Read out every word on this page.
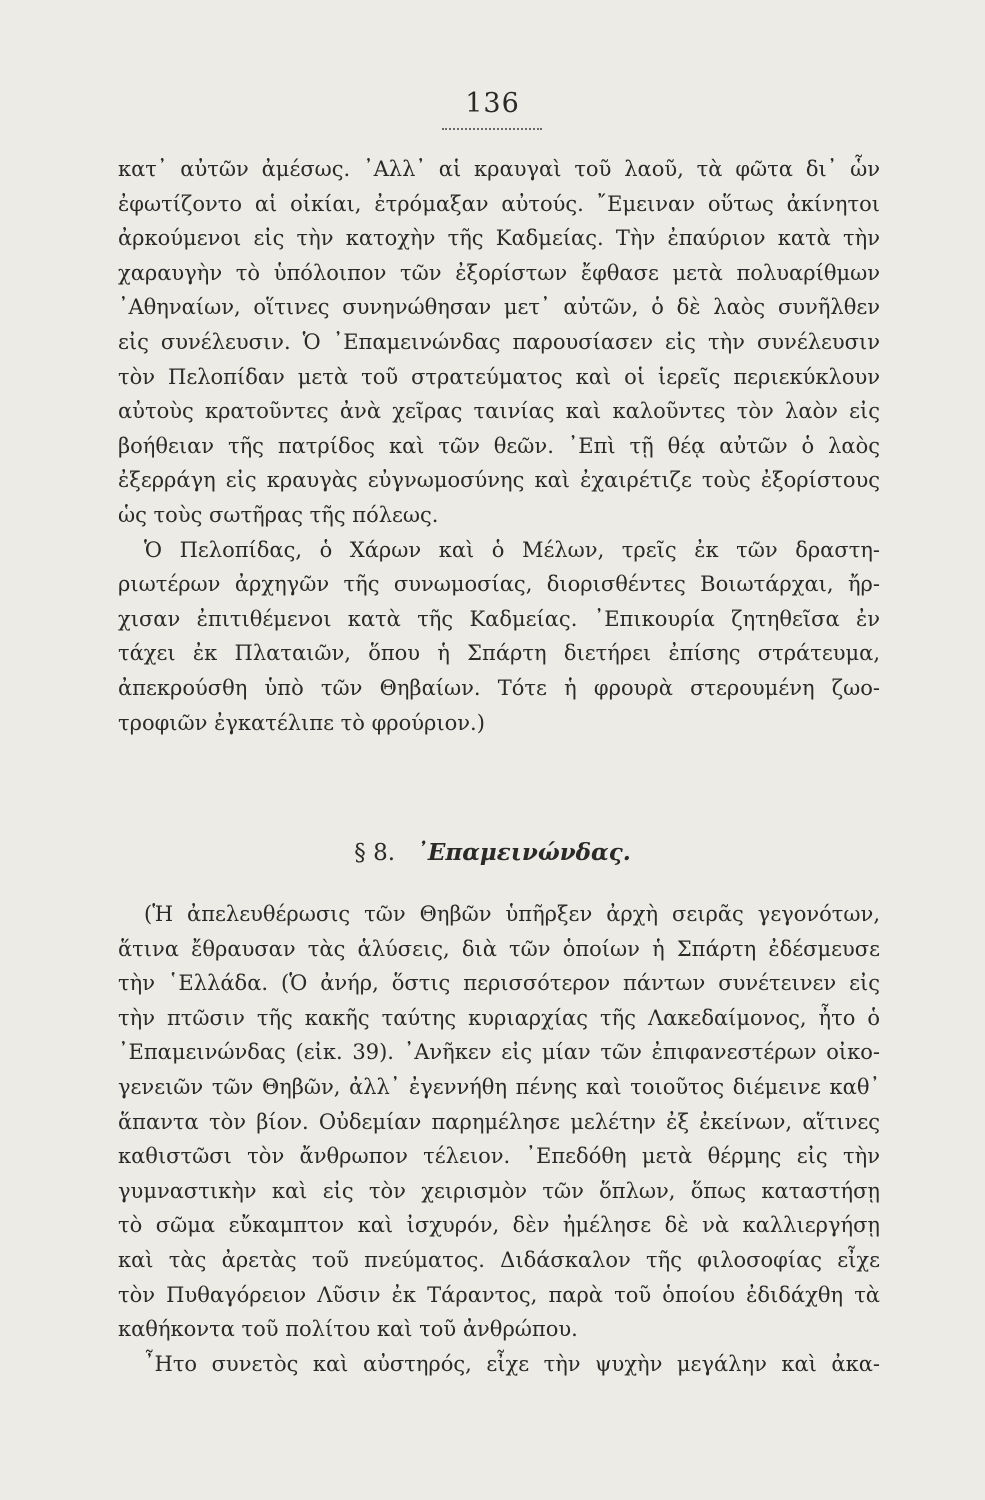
136
κατ᾽ αὐτῶν ἀμέσως. ᾽Αλλ᾽ αἱ κραυγαὶ τοῦ λαοῦ, τὰ φῶτα δι᾽ ὧν
ἐφωτίζοντο αἱ οἰκίαι, ἐτρόμαξαν αὐτούς. ῎Εμειναν οὕτως ἀκίνητοι
ἀρκούμενοι εἰς τὴν κατοχὴν τῆς Καδμείας. Τὴν ἐπαύριον κατὰ τὴν
χαραυγὴν τὸ ὑπόλοιπον τῶν ἐξορίστων ἔφθασε μετὰ πολυαρίθμων
᾽Αθηναίων, οἵτινες συνηνώθησαν μετ᾽ αὐτῶν, ὁ δὲ λαὸς συνῆλθεν
εἰς συνέλευσιν. Ὁ ᾽Επαμεινώνδας παρουσίασεν εἰς τὴν συνέλευσιν
τὸν Πελοπίδαν μετὰ τοῦ στρατεύματος καὶ οἱ ἱερεῖς περιεκύκλουν
αὐτοὺς κρατοῦντες ἀνὰ χεῖρας ταινίας καὶ καλοῦντες τὸν λαὸν εἰς
βοήθειαν τῆς πατρίδος καὶ τῶν θεῶν. ᾽Επὶ τῇ θέᾳ αὐτῶν ὁ λαὸς
ἐξερράγη εἰς κραυγὰς εὐγνωμοσύνης καὶ ἐχαιρέτιζε τοὺς ἐξορίστους
ὡς τοὺς σωτῆρας τῆς πόλεως.
Ὁ Πελοπίδας, ὁ Χάρων καὶ ὁ Μέλων, τρεῖς ἐκ τῶν δραστη-
ριωτέρων ἀρχηγῶν τῆς συνωμοσίας, διορισθέντες Βοιωτάρχαι, ἤρ-
χισαν ἐπιτιθέμενοι κατὰ τῆς Καδμείας. ᾽Επικουρία ζητηθεῖσα ἐν
τάχει ἐκ Πλαταιῶν, ὅπου ἡ Σπάρτη διετήρει ἐπίσης στράτευμα,
ἀπεκρούσθη ὑπὸ τῶν Θηβαίων. Τότε ἡ φρουρὰ στερουμένη ζωο-
τροφιῶν ἐγκατέλιπε τὸ φρούριον.)
§ 8. ᾽Επαμεινώνδας.
(Ἡ ἀπελευθέρωσις τῶν Θηβῶν ὑπῆρξεν ἀρχὴ σειρᾶς γεγονότων,
ἅτινα ἔθραυσαν τὰς ἁλύσεις, διὰ τῶν ὁποίων ἡ Σπάρτη ἐδέσμευσε
τὴν ῾Ελλάδα. (Ὁ ἀνήρ, ὅστις περισσότερον πάντων συνέτεινεν εἰς
τὴν πτῶσιν τῆς κακῆς ταύτης κυριαρχίας τῆς Λακεδαίμονος, ἦτο ὁ
᾽Επαμεινώνδας (εἰκ. 39). ᾽Ανῆκεν εἰς μίαν τῶν ἐπιφανεστέρων οἰκο-
γενειῶν τῶν Θηβῶν, ἀλλ᾽ ἐγεννήθη πένης καὶ τοιοῦτος διέμεινε καθ᾽
ἅπαντα τὸν βίον. Οὐδεμίαν παρημέλησε μελέτην ἐξ ἐκείνων, αἵτινες
καθιστῶσι τὸν ἄνθρωπον τέλειον. ᾽Επεδόθη μετὰ θέρμης εἰς τὴν
γυμναστικὴν καὶ εἰς τὸν χειρισμὸν τῶν ὅπλων, ὅπως καταστήσῃ
τὸ σῶμα εὔκαμπτον καὶ ἰσχυρόν, δὲν ἠμέλησε δὲ νὰ καλλιεργήσῃ
καὶ τὰς ἀρετὰς τοῦ πνεύματος. Διδάσκαλον τῆς φιλοσοφίας εἶχε
τὸν Πυθαγόρειον Λῦσιν ἐκ Τάραντος, παρὰ τοῦ ὁποίου ἐδιδάχθη τὰ
καθήκοντα τοῦ πολίτου καὶ τοῦ ἀνθρώπου.
῏Ητο συνετὸς καὶ αὐστηρός, εἶχε τὴν ψυχὴν μεγάλην καὶ ἀκα-
